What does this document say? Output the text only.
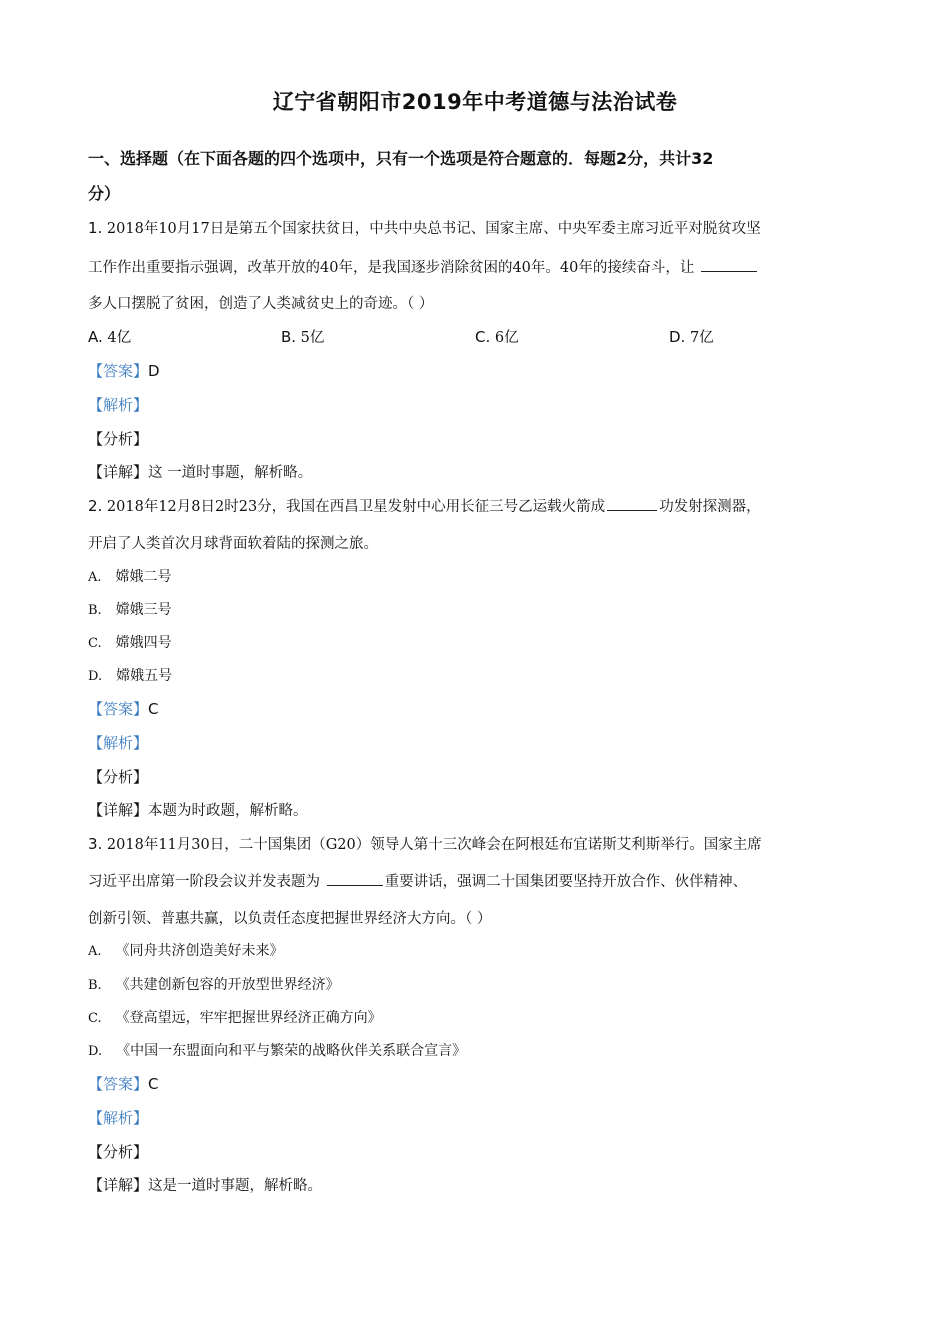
辽宁省朝阳市2019年中考道德与法治试卷
一、选择题（在下面各题的四个选项中，只有一个选项是符合题意的．每题2分，共计32
分）
1. 2018年10月17日是第五个国家扶贫日，中共中央总书记、国家主席、中央军委主席习近平对脱贫攻坚
工作作出重要指示强调，改革开放的40年，是我国逐步消除贫困的40年。40年的接续奋斗，让
多人口摆脱了贫困，创造了人类减贫史上的奇迹。（ ）
A. 4亿	B. 5亿	C. 6亿	D. 7亿
【答案】D
【解析】
【分析】
【详解】这 一道时事题，解析略。
2. 2018年12月8日2时23分，我国在西昌卫星发射中心用长征三号乙运载火箭成	功发射探测器，
开启了人类首次月球背面软着陆的探测之旅。
A. 嫦娥二号
B. 嫦娥三号
C. 嫦娥四号
D. 嫦娥五号
【答案】C
【解析】
【分析】
【详解】本题为时政题，解析略。
3. 2018年11月30日，二十国集团（G20）领导人第十三次峰会在阿根廷布宜诺斯艾利斯举行。国家主席
习近平出席第一阶段会议并发表题为	重要讲话，强调二十国集团要坚持开放合作、伙伴精神、
创新引领、普惠共赢，以负责任态度把握世界经济大方向。（ ）
A. 《同舟共济创造美好未来》
B. 《共建创新包容的开放型世界经济》
C. 《登高望远，牢牢把握世界经济正确方向》
D. 《中国一东盟面向和平与繁荣的战略伙伴关系联合宣言》
【答案】C
【解析】
【分析】
【详解】这是一道时事题，解析略。
